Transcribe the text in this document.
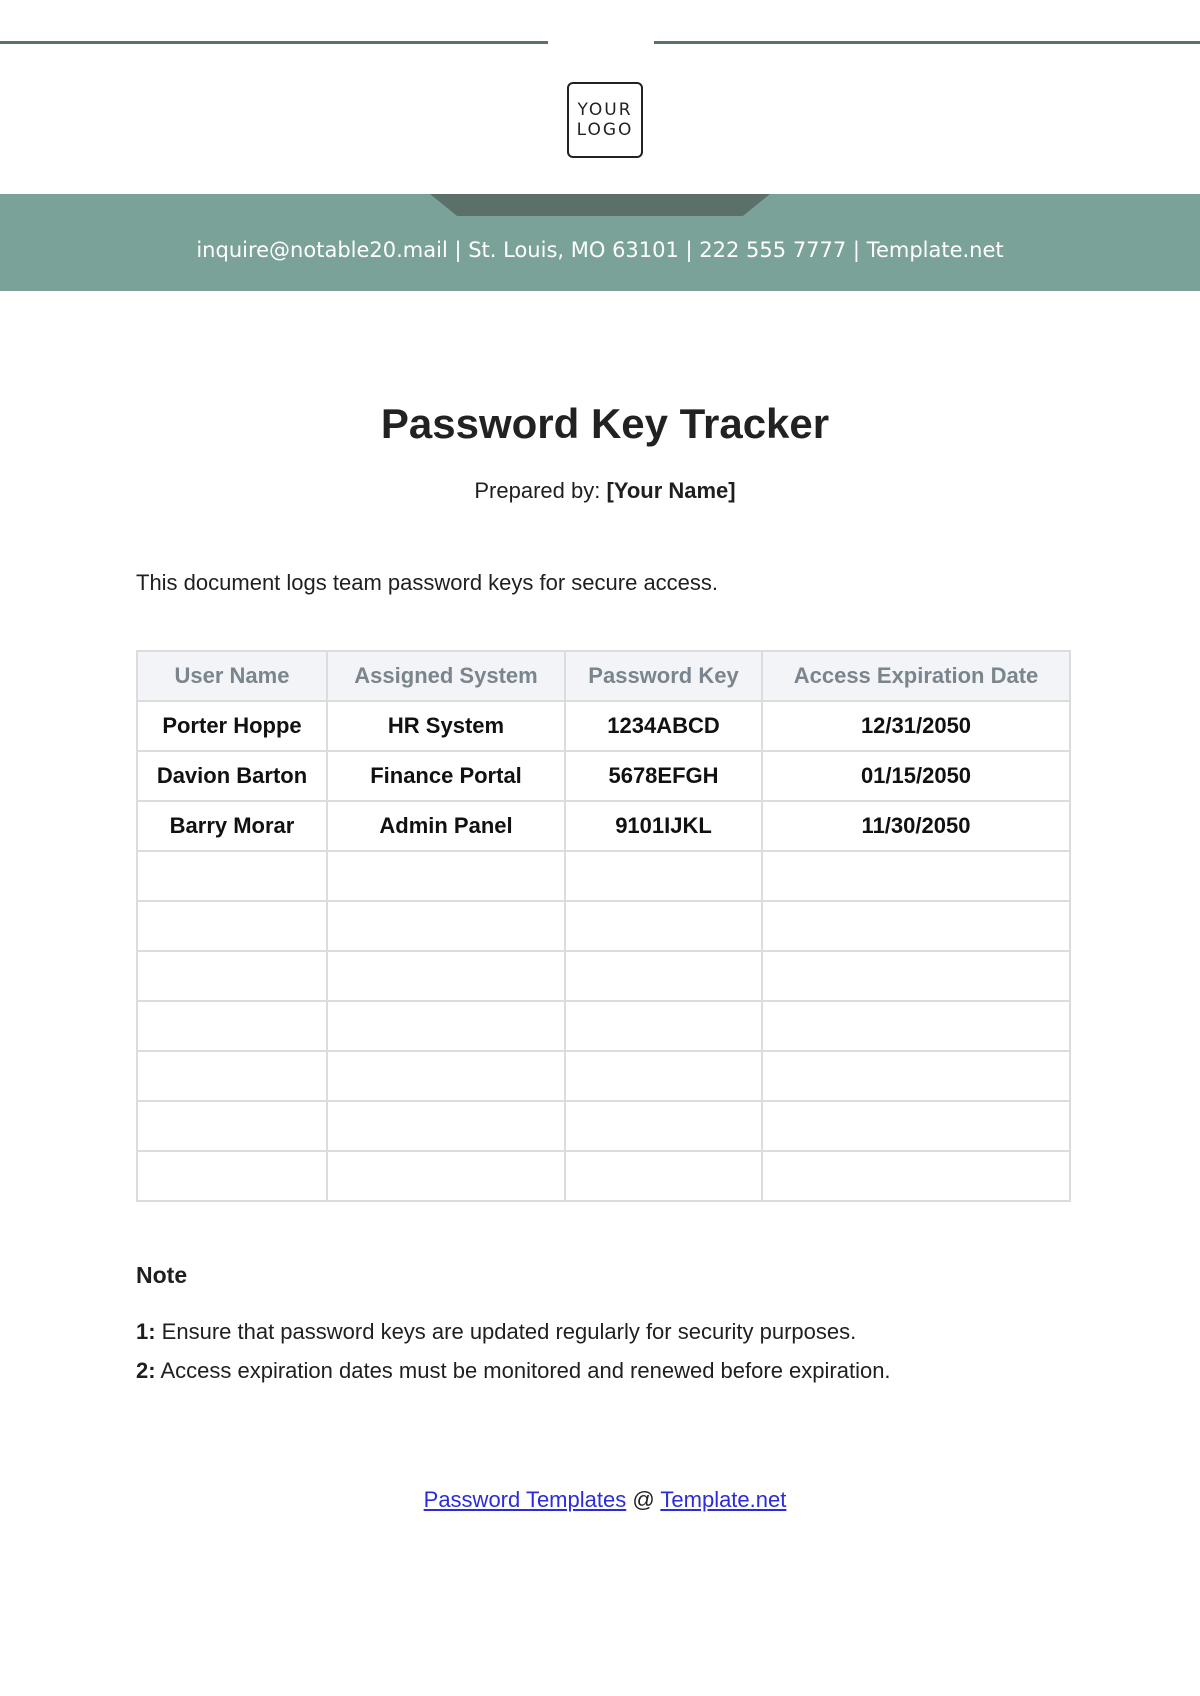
YOUR
LOGO
inquire@notable20.mail | St. Louis, MO 63101 | 222 555 7777 | Template.net
Password Key Tracker
Prepared by: [Your Name]
This document logs team password keys for secure access.
User Name	Assigned System	Password Key	Access Expiration Date
Porter Hoppe	HR System	1234ABCD	12/31/2050
Davion Barton	Finance Portal	5678EFGH	01/15/2050
Barry Morar	Admin Panel	9101IJKL	11/30/2050

Note
1: Ensure that password keys are updated regularly for security purposes.
2: Access expiration dates must be monitored and renewed before expiration.
Password Templates @ Template.net
